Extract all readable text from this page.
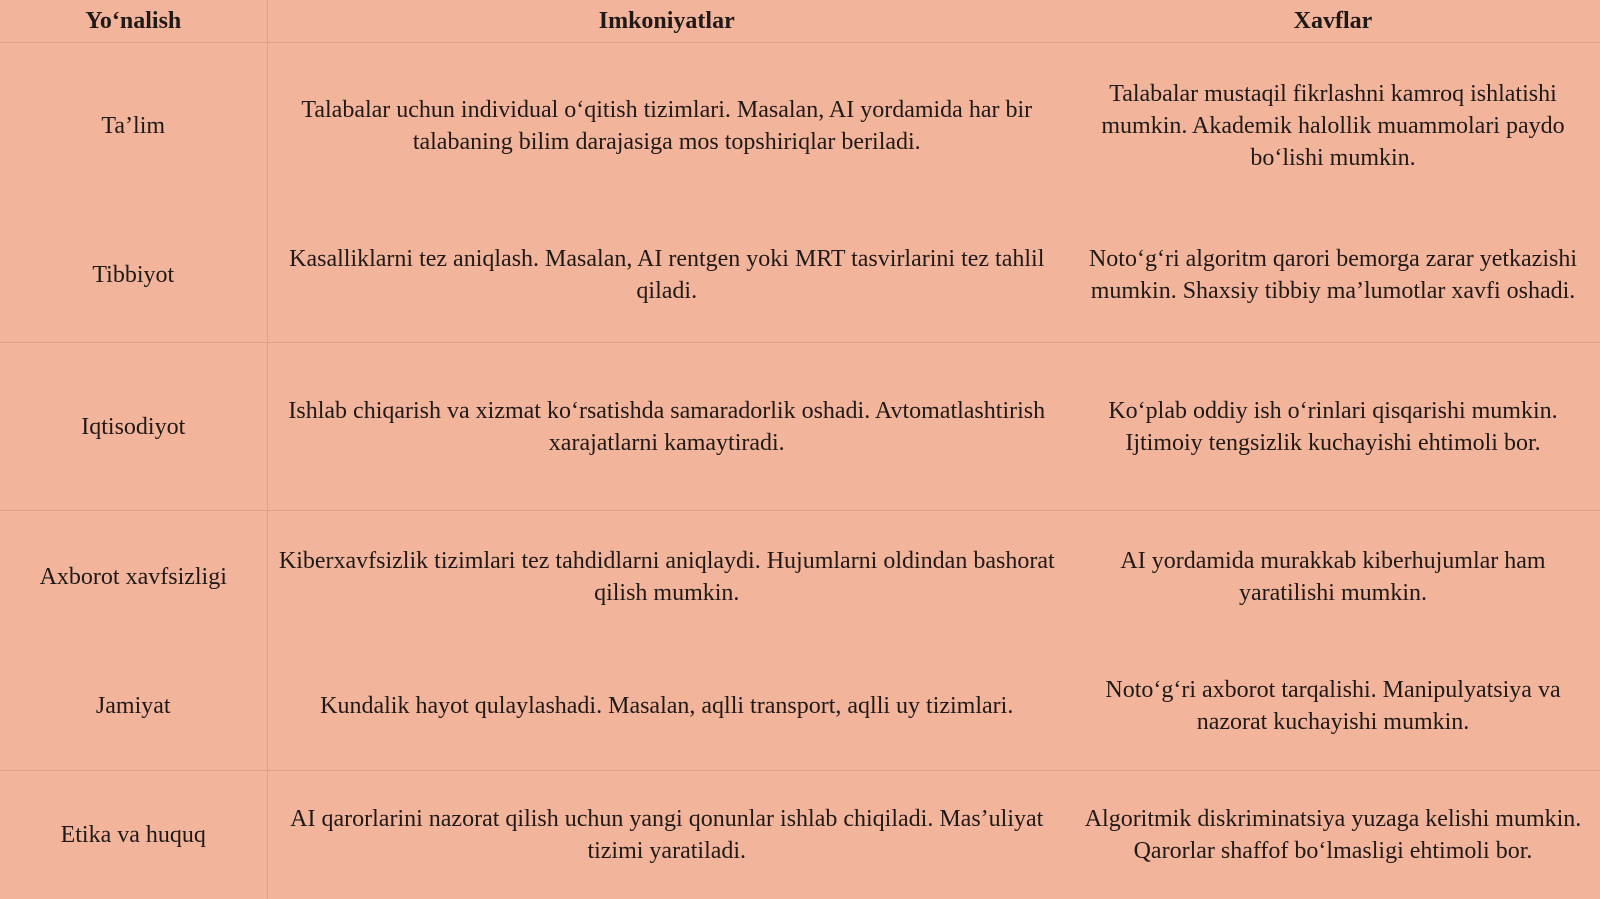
Yo‘nalish	Imkoniyatlar	Xavflar
Ta’lim	Talabalar uchun individual o‘qitish tizimlari. Masalan, AI yordamida har bir talabaning bilim darajasiga mos topshiriqlar beriladi.	Talabalar mustaqil fikrlashni kamroq ishlatishi mumkin. Akademik halollik muammolari paydo bo‘lishi mumkin.
Tibbiyot	Kasalliklarni tez aniqlash. Masalan, AI rentgen yoki MRT tasvirlarini tez tahlil qiladi.	Noto‘g‘ri algoritm qarori bemorga zarar yetkazishi mumkin. Shaxsiy tibbiy ma’lumotlar xavfi oshadi.
Iqtisodiyot	Ishlab chiqarish va xizmat ko‘rsatishda samaradorlik oshadi. Avtomatlashtirish xarajatlarni kamaytiradi.	Ko‘plab oddiy ish o‘rinlari qisqarishi mumkin. Ijtimoiy tengsizlik kuchayishi ehtimoli bor.
Axborot xavfsizligi	Kiberxavfsizlik tizimlari tez tahdidlarni aniqlaydi. Hujumlarni oldindan bashorat qilish mumkin.	AI yordamida murakkab kiberhujumlar ham yaratilishi mumkin.
Jamiyat	Kundalik hayot qulaylashadi. Masalan, aqlli transport, aqlli uy tizimlari.	Noto‘g‘ri axborot tarqalishi. Manipulyatsiya va nazorat kuchayishi mumkin.
Etika va huquq	AI qarorlarini nazorat qilish uchun yangi qonunlar ishlab chiqiladi. Mas’uliyat tizimi yaratiladi.	Algoritmik diskriminatsiya yuzaga kelishi mumkin. Qarorlar shaffof bo‘lmasligi ehtimoli bor.
